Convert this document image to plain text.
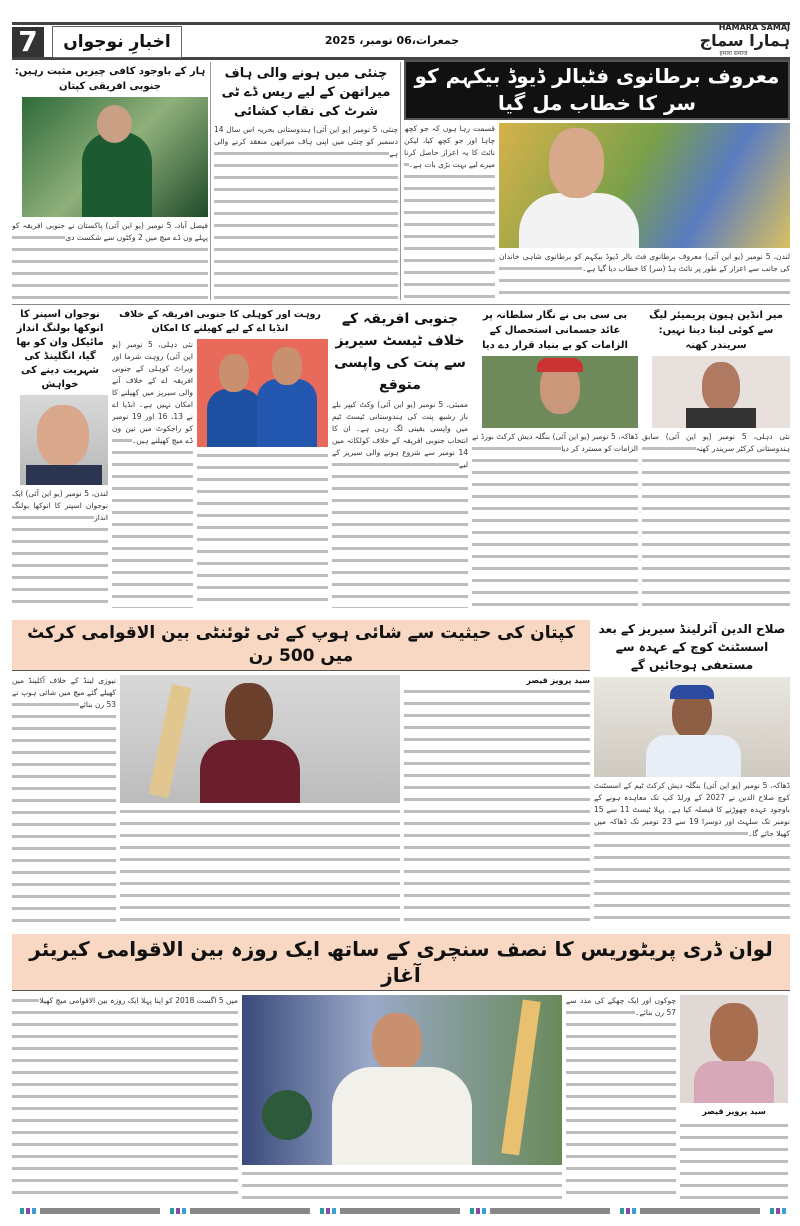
7	اخبارِ نوجواں	جمعرات،06 نومبر، 2025
HAMARA SAMAJ
ہمارا سماج
हमारा समाज
ہار کے باوجود کافی چیزیں مثبت رہیں: جنوبی افریقی کپتان
فیصل آباد، 5 نومبر (یو این آئی) پاکستان نے جنوبی افریقہ کو پہلے ون ڈے میچ میں 2 وکٹوں سے شکست دی
چنئی میں ہونے والی ہاف میراتھن کے لیے ریس ڈے ٹی شرٹ کی نقاب کشائی
چنئی، 5 نومبر (یو این آئی) ہندوستانی بحریہ اس سال 14 دسمبر کو چنئی میں اپنی ہاف میراتھن منعقد کرنے والی ہے
معروف برطانوی فٹبالر ڈیوڈ بیکہم کو سر کا خطاب مل گیا
لندن، 5 نومبر (یو این آئی) معروف برطانوی فٹ بالر ڈیوڈ بیکہم کو برطانوی شاہی خاندان کی جانب سے اعزاز کے طور پر نائٹ ہڈ (سر) کا خطاب دیا گیا ہے۔
قسمت رہا ہوں کہ جو کچھ چاہا اور جو کچھ کیا، لیکن نائٹ کا یہ اعزاز حاصل کرنا میرے لیے بہت بڑی بات ہے۔
نوجوان اسپنر کا انوکھا بولنگ انداز مائیکل وان کو بھا گیا، انگلینڈ کی شہریت دینے کی خواہش
لندن، 5 نومبر (یو این آئی) ایک نوجوان اسپنر کا انوکھا بولنگ انداز
روہت اور کوہلی کا جنوبی افریقہ کے خلاف انڈیا اے کے لیے کھیلنے کا امکان
نئی دہلی، 5 نومبر (یو این آئی) روہت شرما اور ویراٹ کوہلی کے جنوبی افریقہ اے کے خلاف آنے والی سیریز میں کھیلنے کا امکان نہیں ہے۔ انڈیا اے نے 13، 16 اور 19 نومبر کو راجکوٹ میں تین ون ڈے میچ کھیلنے ہیں۔
جنوبی افریقہ کے خلاف ٹیسٹ سیریز سے پنت کی واپسی متوقع
ممبئی، 5 نومبر (یو این آئی) وکٹ کیپر بلے باز رشبھ پنت کی ہندوستانی ٹیسٹ ٹیم میں واپسی یقینی لگ رہی ہے۔ ان کا انتخاب جنوبی افریقہ کے خلاف کولکاتہ میں 14 نومبر سے شروع ہونے والی سیریز کے لیے
بی سی بی نے نگار سلطانہ پر عائد جسمانی استحصال کے الزامات کو بے بنیاد قرار دے دیا
ڈھاکہ، 5 نومبر (یو این آئی) بنگلہ دیش کرکٹ بورڈ نے الزامات کو مسترد کر دیا
میر انڈین ہیون پریمیئر لیگ سے کوئی لینا دینا نہیں: سریندر کھنہ
نئی دہلی، 5 نومبر (یو این آئی) سابق ہندوستانی کرکٹر سریندر کھنہ
کپتان کی حیثیت سے شائی ہوپ کے ٹی ٹوئنٹی بین الاقوامی کرکٹ میں 500 رن
سید پرویز قیصر
نیوزی لینڈ کے خلاف آکلینڈ میں کھیلے گئے میچ میں شائی ہوپ نے 53 رن بنائے
صلاح الدین آئرلینڈ سیریز کے بعد اسسٹنٹ کوچ کے عہدہ سے مستعفی ہوجائیں گے
ڈھاکہ، 5 نومبر (یو این آئی) بنگلہ دیش کرکٹ ٹیم کے اسسٹنٹ کوچ صلاح الدین نے 2027 کے ورلڈ کپ تک معاہدہ ہونے کے باوجود عہدہ چھوڑنے کا فیصلہ کیا ہے۔ پہلا ٹیسٹ 11 سے 15 نومبر تک سلہٹ اور دوسرا 19 سے 23 نومبر تک ڈھاکہ میں کھیلا جائے گا۔
لوان ڈری پریٹوریس کا نصف سنچری کے ساتھ ایک روزہ بین الاقوامی کیریئر آغاز
سید پرویز قیصر
چوکوں اور ایک چھکے کی مدد سے 57 رن بنائے۔
میں 5 اگست 2018 کو اپنا پہلا ایک روزہ بین الاقوامی میچ کھیلا
